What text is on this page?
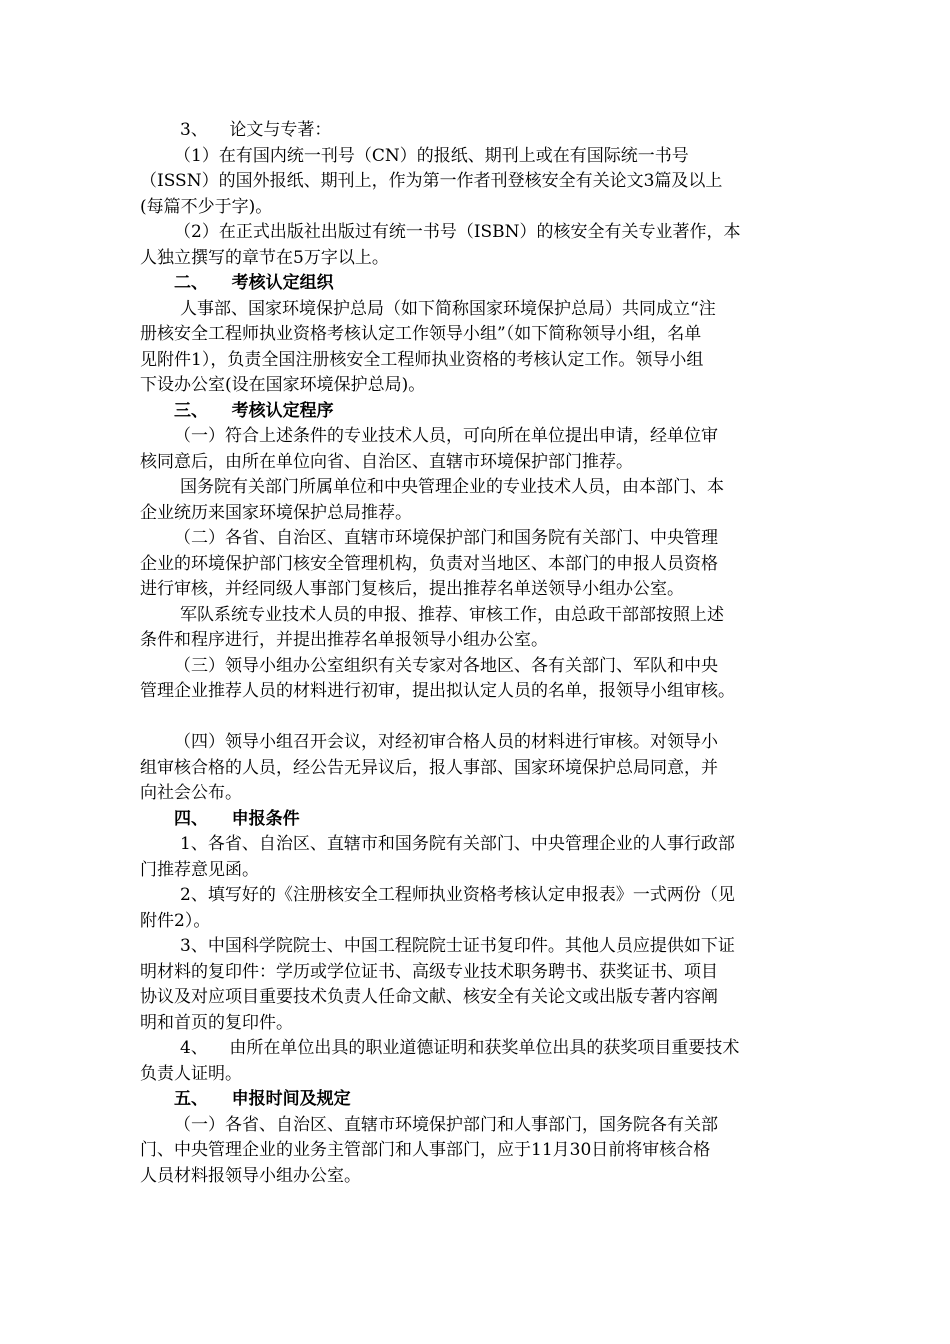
3、    论文与专著：
（1）在有国内统一刊号（CN）的报纸、期刊上或在有国际统一书号
（ISSN）的国外报纸、期刊上，作为第一作者刊登核安全有关论文3篇及以上
(每篇不少于字)。
（2）在正式出版社出版过有统一书号（ISBN）的核安全有关专业著作，本
人独立撰写的章节在5万字以上。
二、    考核认定组织
人事部、国家环境保护总局（如下简称国家环境保护总局）共同成立“注
册核安全工程师执业资格考核认定工作领导小组”（如下简称领导小组，名单
见附件1），负责全国注册核安全工程师执业资格的考核认定工作。领导小组
下设办公室(设在国家环境保护总局)。
三、    考核认定程序
（一）符合上述条件的专业技术人员，可向所在单位提出申请，经单位审
核同意后，由所在单位向省、自治区、直辖市环境保护部门推荐。
国务院有关部门所属单位和中央管理企业的专业技术人员，由本部门、本
企业统历来国家环境保护总局推荐。
（二）各省、自治区、直辖市环境保护部门和国务院有关部门、中央管理
企业的环境保护部门核安全管理机构，负责对当地区、本部门的申报人员资格
进行审核，并经同级人事部门复核后，提出推荐名单送领导小组办公室。
军队系统专业技术人员的申报、推荐、审核工作，由总政干部部按照上述
条件和程序进行，并提出推荐名单报领导小组办公室。
（三）领导小组办公室组织有关专家对各地区、各有关部门、军队和中央
管理企业推荐人员的材料进行初审，提出拟认定人员的名单，报领导小组审核。
（四）领导小组召开会议，对经初审合格人员的材料进行审核。对领导小
组审核合格的人员，经公告无异议后，报人事部、国家环境保护总局同意，并
向社会公布。
四、    申报条件
1、各省、自治区、直辖市和国务院有关部门、中央管理企业的人事行政部
门推荐意见函。
2、填写好的《注册核安全工程师执业资格考核认定申报表》一式两份（见
附件2）。
3、中国科学院院士、中国工程院院士证书复印件。其他人员应提供如下证
明材料的复印件：学历或学位证书、高级专业技术职务聘书、获奖证书、项目
协议及对应项目重要技术负责人任命文献、核安全有关论文或出版专著内容阐
明和首页的复印件。
4、    由所在单位出具的职业道德证明和获奖单位出具的获奖项目重要技术
负责人证明。
五、    申报时间及规定
（一）各省、自治区、直辖市环境保护部门和人事部门，国务院各有关部
门、中央管理企业的业务主管部门和人事部门，应于11月30日前将审核合格
人员材料报领导小组办公室。
